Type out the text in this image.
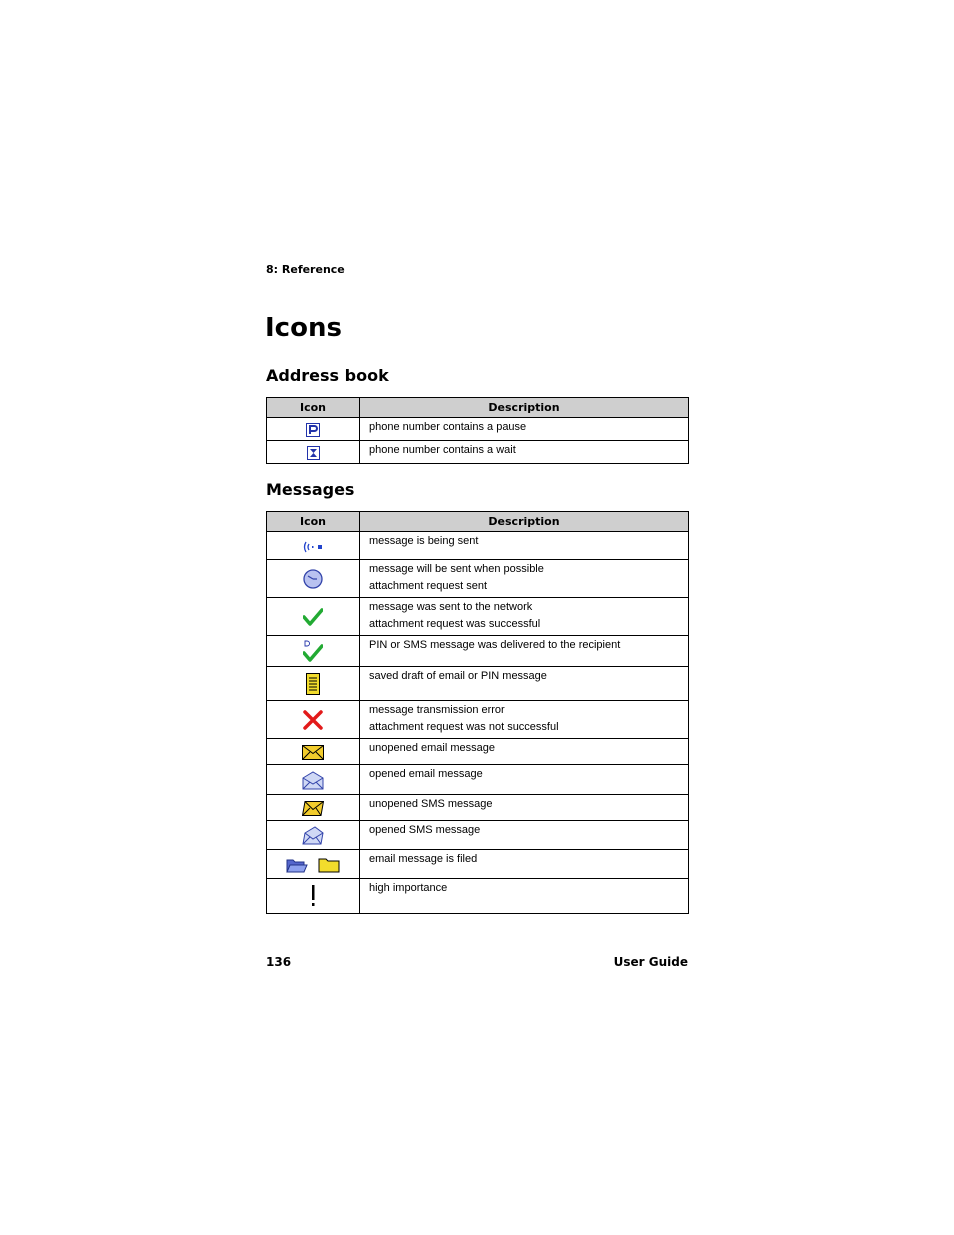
8: Reference
Icons
Address book
Icon	Description

phone number contains a pause

phone number contains a wait
Messages
Icon	Description

message is being sent

message will be sent when possible
attachment request sent

message was sent to the network
attachment request was successful

PIN or SMS message was delivered to the recipient

saved draft of email or PIN message

message transmission error
attachment request was not successful

unopened email message

opened email message

unopened SMS message

opened SMS message

email message is filed

high importance
136	User Guide
